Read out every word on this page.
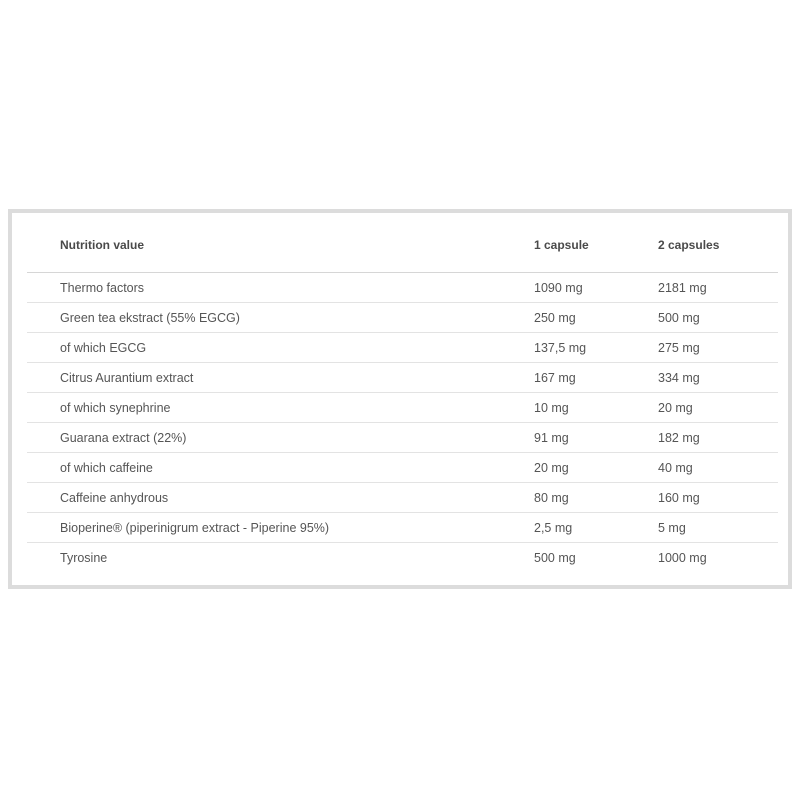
Nutrition value	1 capsule	2 capsules
Thermo factors	1090 mg	2181 mg
Green tea ekstract (55% EGCG)	250 mg	500 mg
of which EGCG	137,5 mg	275 mg
Citrus Aurantium extract	167 mg	334 mg
of which synephrine	10 mg	20 mg
Guarana extract (22%)	91 mg	182 mg
of which caffeine	20 mg	40 mg
Caffeine anhydrous	80 mg	160 mg
Bioperine® (piperinigrum extract - Piperine 95%)	2,5 mg	5 mg
Tyrosine	500 mg	1000 mg
